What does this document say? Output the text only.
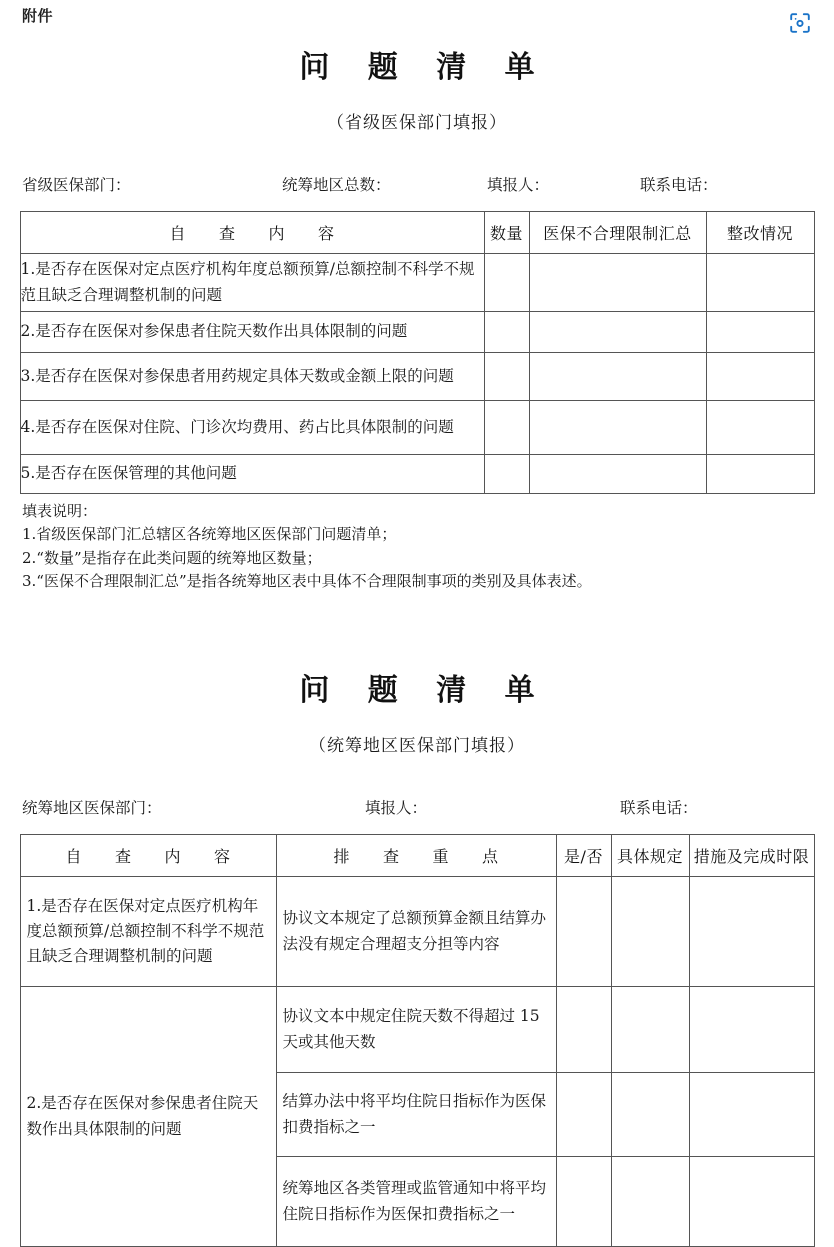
附件
问 题 清 单
（省级医保部门填报）
省级医保部门：	统筹地区总数：	填报人：	联系电话：
自　　查　　内　　容	数量	医保不合理限制汇总	整改情况
1.是否存在医保对定点医疗机构年度总额预算/总额控制不科学不规范且缺乏合理调整机制的问题			
2.是否存在医保对参保患者住院天数作出具体限制的问题			
3.是否存在医保对参保患者用药规定具体天数或金额上限的问题			
4.是否存在医保对住院、门诊次均费用、药占比具体限制的问题			
5.是否存在医保管理的其他问题			
填表说明：
1.省级医保部门汇总辖区各统筹地区医保部门问题清单；
2.“数量”是指存在此类问题的统筹地区数量；
3.“医保不合理限制汇总”是指各统筹地区表中具体不合理限制事项的类别及具体表述。
问 题 清 单
（统筹地区医保部门填报）
统筹地区医保部门：	填报人：	联系电话：
自　　查　　内　　容	排　　查　　重　　点	是/否	具体规定	措施及完成时限
1.是否存在医保对定点医疗机构年度总额预算/总额控制不科学不规范且缺乏合理调整机制的问题	协议文本规定了总额预算金额且结算办法没有规定合理超支分担等内容			
2.是否存在医保对参保患者住院天数作出具体限制的问题	协议文本中规定住院天数不得超过 15 天或其他天数			
	结算办法中将平均住院日指标作为医保扣费指标之一			
	统筹地区各类管理或监管通知中将平均住院日指标作为医保扣费指标之一			
